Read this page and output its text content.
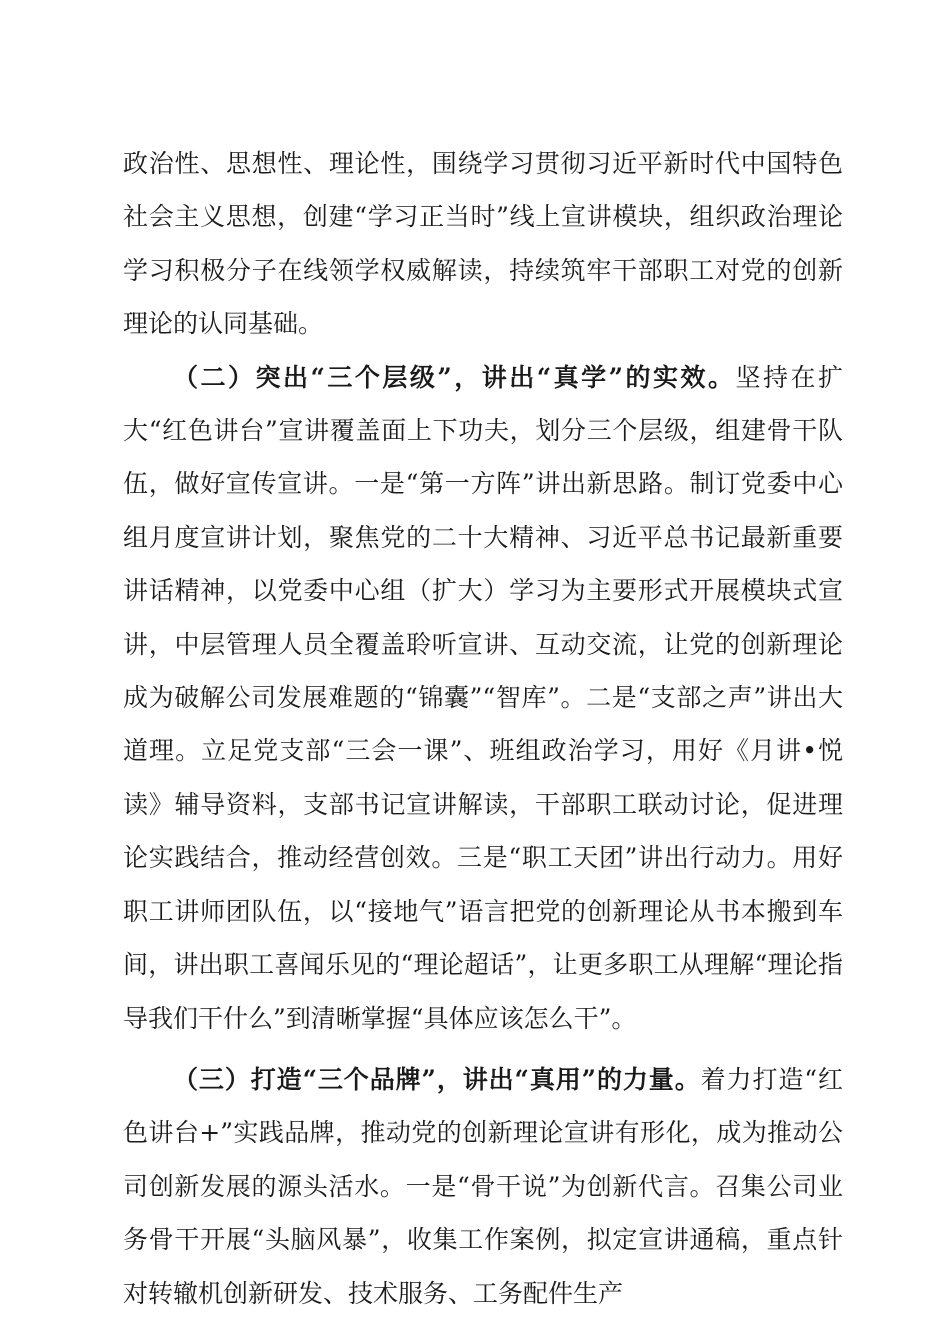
政治性、思想性、理论性，围绕学习贯彻习近平新时代中国特色社会主义思想，创建“学习正当时”线上宣讲模块，组织政治理论学习积极分子在线领学权威解读，持续筑牢干部职工对党的创新理论的认同基础。

（二）突出“三个层级”，讲出“真学”的实效。坚持在扩大“红色讲台”宣讲覆盖面上下功夫，划分三个层级，组建骨干队伍，做好宣传宣讲。一是“第一方阵”讲出新思路。制订党委中心组月度宣讲计划，聚焦党的二十大精神、习近平总书记最新重要讲话精神，以党委中心组（扩大）学习为主要形式开展模块式宣讲，中层管理人员全覆盖聆听宣讲、互动交流，让党的创新理论成为破解公司发展难题的“锦囊”“智库”。二是“支部之声”讲出大道理。立足党支部“三会一课”、班组政治学习，用好《月讲•悦读》辅导资料，支部书记宣讲解读，干部职工联动讨论，促进理论实践结合，推动经营创效。三是“职工天团”讲出行动力。用好职工讲师团队伍，以“接地气”语言把党的创新理论从书本搬到车间，讲出职工喜闻乐见的“理论超话”，让更多职工从理解“理论指导我们干什么”到清晰掌握“具体应该怎么干”。

（三）打造“三个品牌”，讲出“真用”的力量。着力打造“红色讲台+”实践品牌，推动党的创新理论宣讲有形化，成为推动公司创新发展的源头活水。一是“骨干说”为创新代言。召集公司业务骨干开展“头脑风暴”，收集工作案例，拟定宣讲通稿，重点针对转辙机创新研发、技术服务、工务配件生产
